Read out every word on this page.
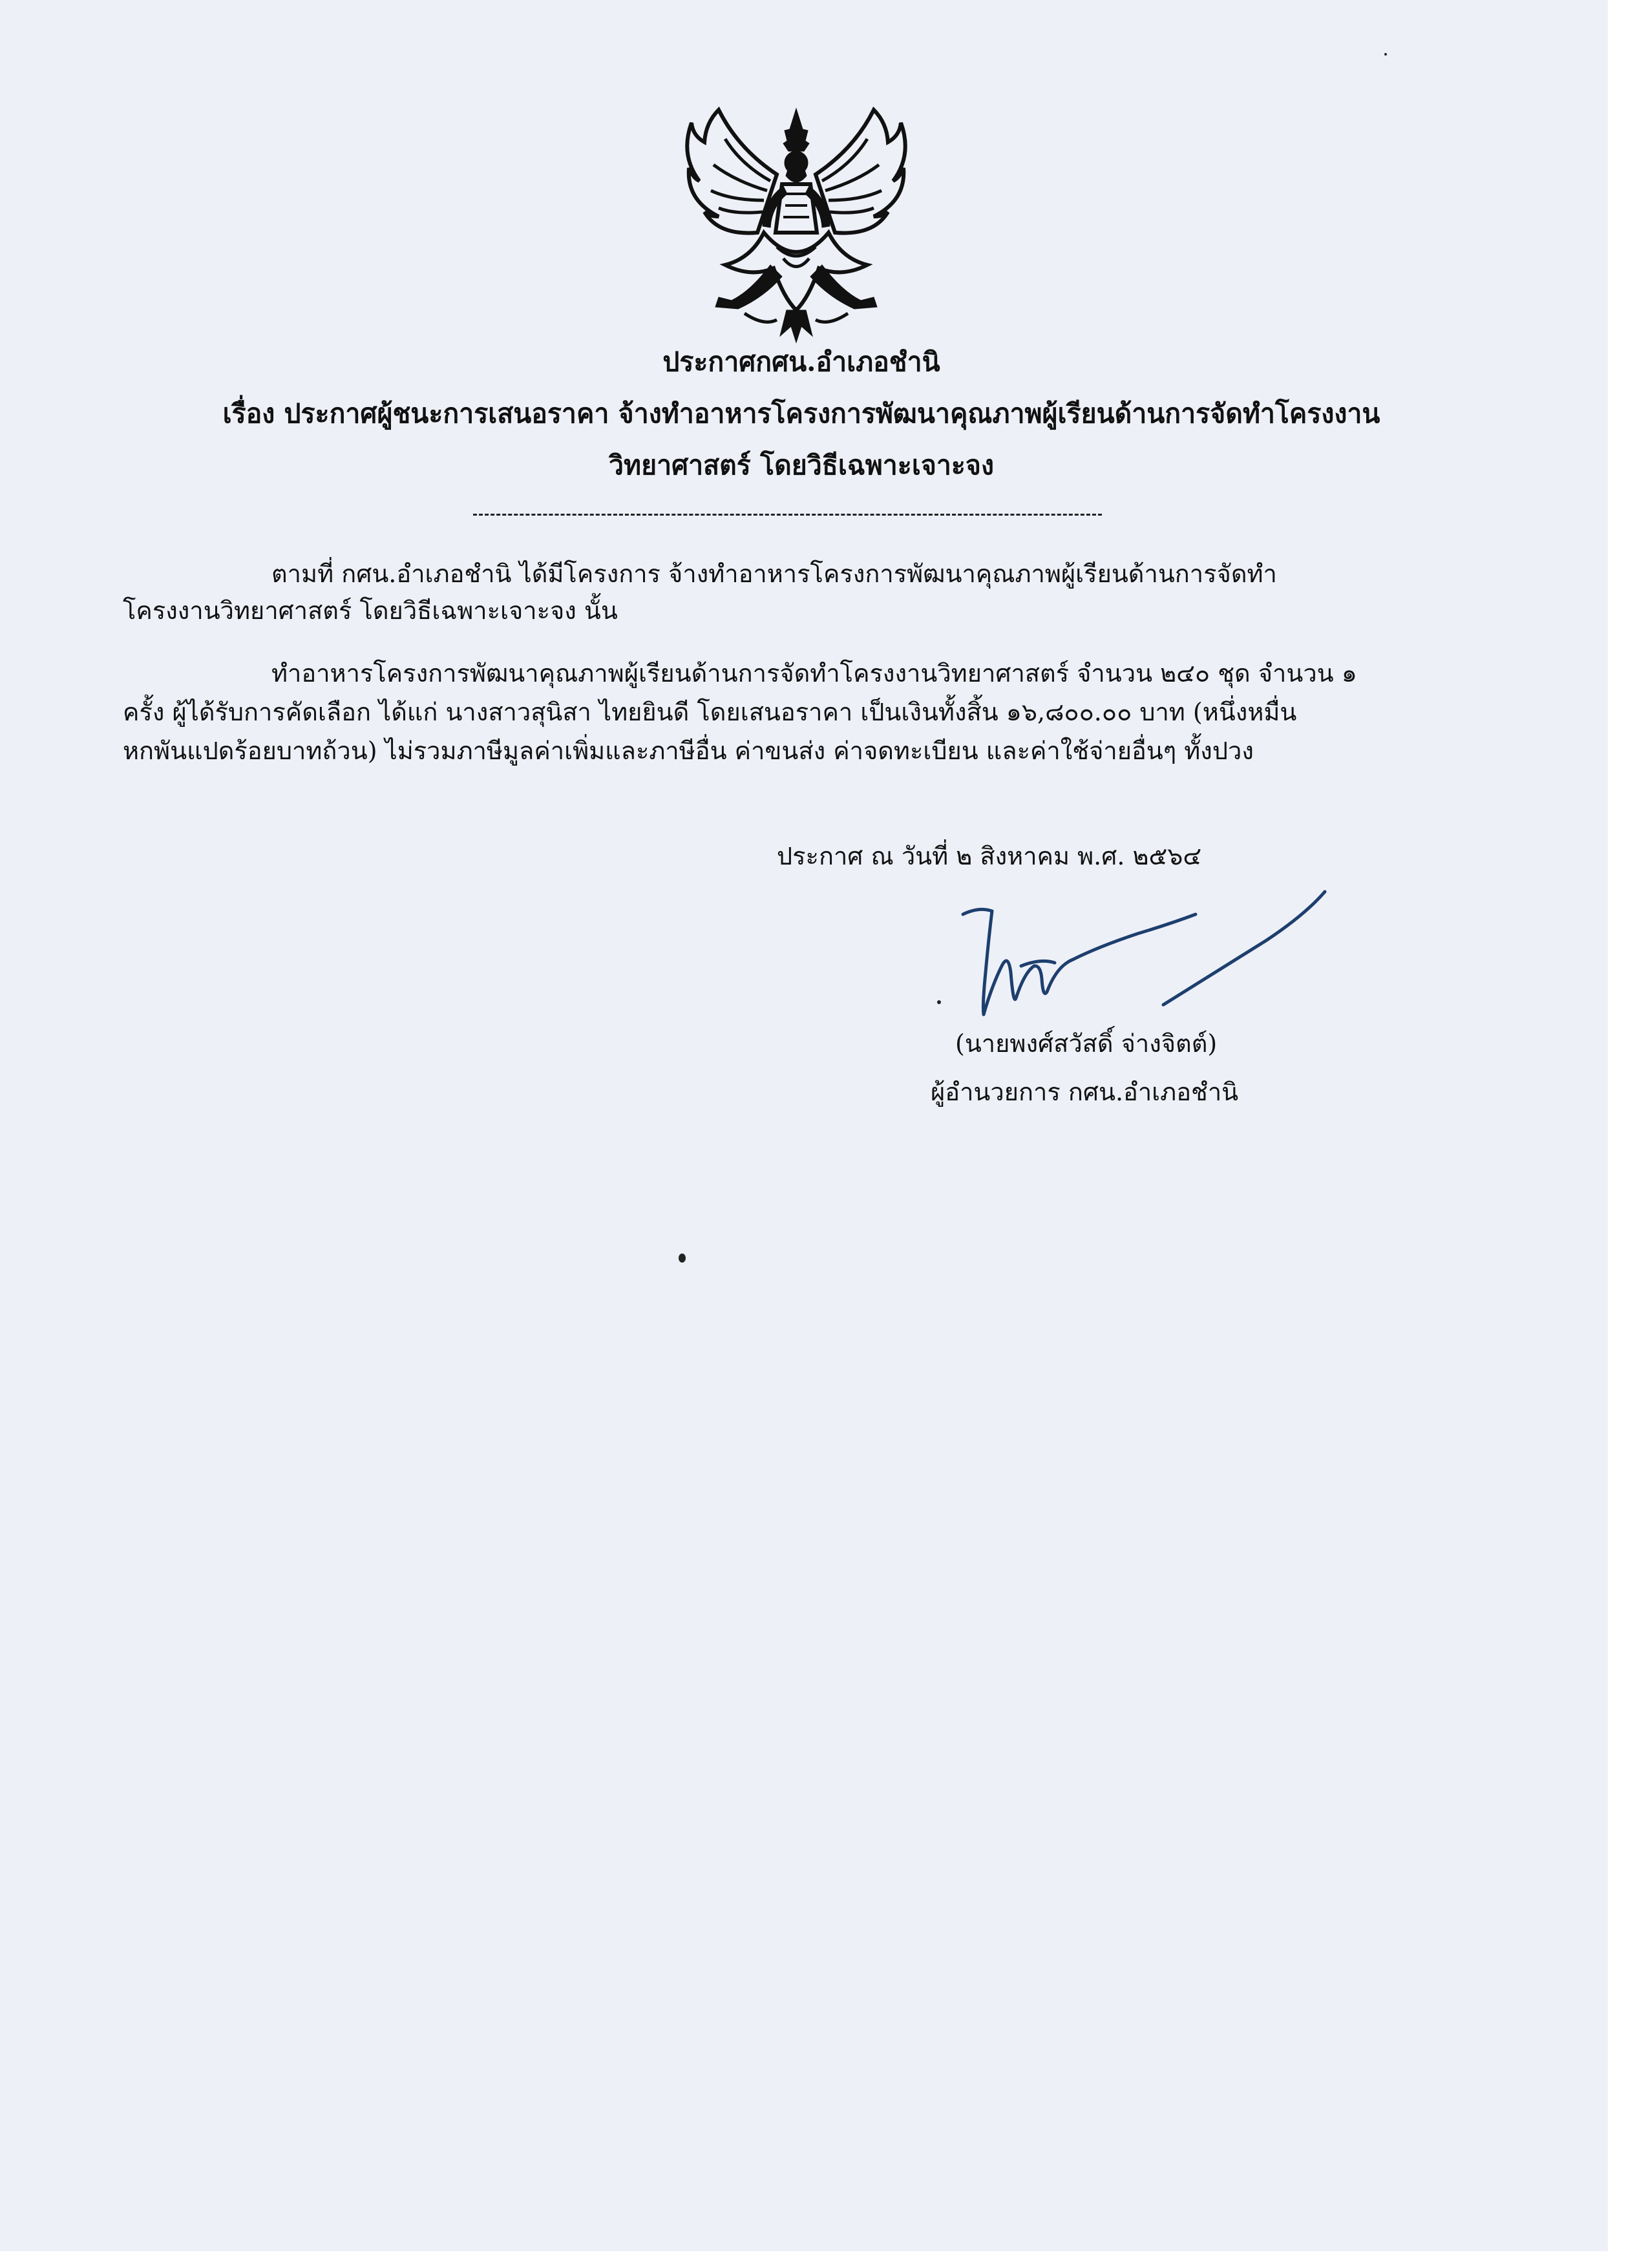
ประกาศกศน.อำเภอชำนิ
เรื่อง ประกาศผู้ชนะการเสนอราคา จ้างทำอาหารโครงการพัฒนาคุณภาพผู้เรียนด้านการจัดทำโครงงาน
วิทยาศาสตร์ โดยวิธีเฉพาะเจาะจง
ตามที่ กศน.อำเภอชำนิ ได้มีโครงการ จ้างทำอาหารโครงการพัฒนาคุณภาพผู้เรียนด้านการจัดทำ
โครงงานวิทยาศาสตร์ โดยวิธีเฉพาะเจาะจง นั้น
ทำอาหารโครงการพัฒนาคุณภาพผู้เรียนด้านการจัดทำโครงงานวิทยาศาสตร์ จำนวน ๒๔๐ ชุด จำนวน ๑
ครั้ง ผู้ได้รับการคัดเลือก ได้แก่ นางสาวสุนิสา ไทยยินดี โดยเสนอราคา เป็นเงินทั้งสิ้น ๑๖,๘๐๐.๐๐ บาท (หนึ่งหมื่น
หกพันแปดร้อยบาทถ้วน) ไม่รวมภาษีมูลค่าเพิ่มและภาษีอื่น ค่าขนส่ง ค่าจดทะเบียน และค่าใช้จ่ายอื่นๆ ทั้งปวง
ประกาศ ณ วันที่ ๒ สิงหาคม พ.ศ. ๒๕๖๔
(นายพงศ์สวัสดิ์ จ่างจิตต์)
ผู้อำนวยการ กศน.อำเภอชำนิ
